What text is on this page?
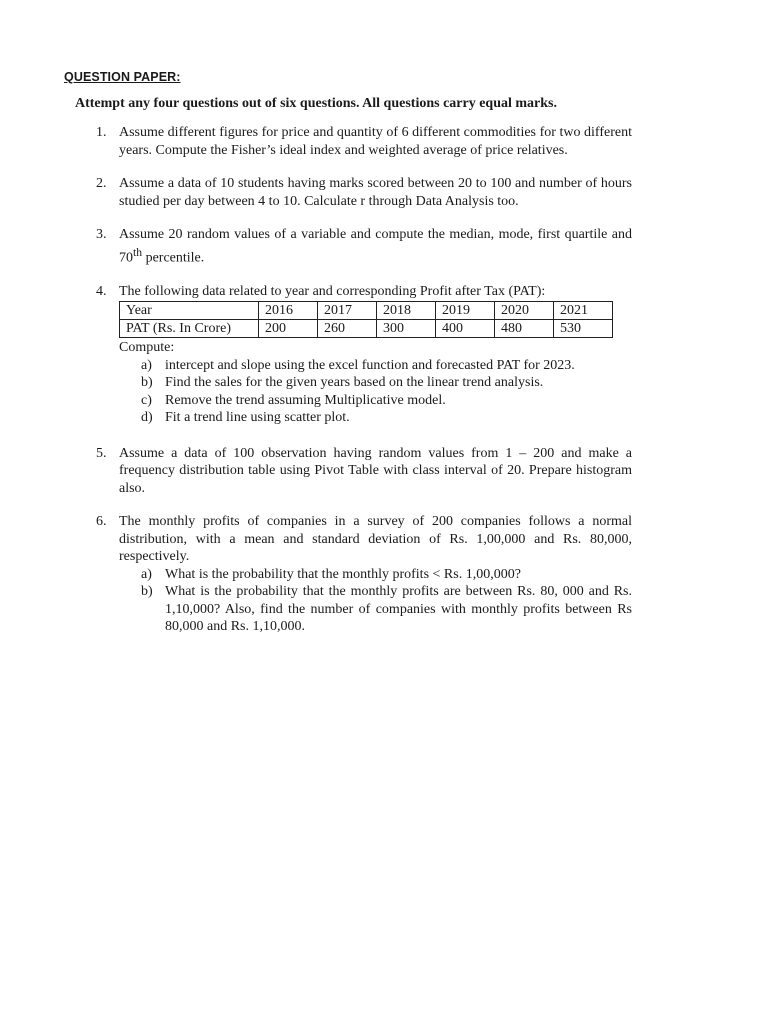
QUESTION PAPER:
Attempt any four questions out of six questions. All questions carry equal marks.
1. Assume different figures for price and quantity of 6 different commodities for two different years. Compute the Fisher’s ideal index and weighted average of price relatives.
2. Assume a data of 10 students having marks scored between 20 to 100 and number of hours studied per day between 4 to 10. Calculate r through Data Analysis too.
3. Assume 20 random values of a variable and compute the median, mode, first quartile and 70th percentile.
4. The following data related to year and corresponding Profit after Tax (PAT):
Year	2016	2017	2018	2019	2020	2021
PAT (Rs. In Crore)	200	260	300	400	480	530
Compute:
a) intercept and slope using the excel function and forecasted PAT for 2023.
b) Find the sales for the given years based on the linear trend analysis.
c) Remove the trend assuming Multiplicative model.
d) Fit a trend line using scatter plot.
5. Assume a data of 100 observation having random values from 1 – 200 and make a frequency distribution table using Pivot Table with class interval of 20. Prepare histogram also.
6. The monthly profits of companies in a survey of 200 companies follows a normal distribution, with a mean and standard deviation of Rs. 1,00,000 and Rs. 80,000, respectively.
a) What is the probability that the monthly profits < Rs. 1,00,000?
b) What is the probability that the monthly profits are between Rs. 80, 000 and Rs. 1,10,000? Also, find the number of companies with monthly profits between Rs 80,000 and Rs. 1,10,000.
